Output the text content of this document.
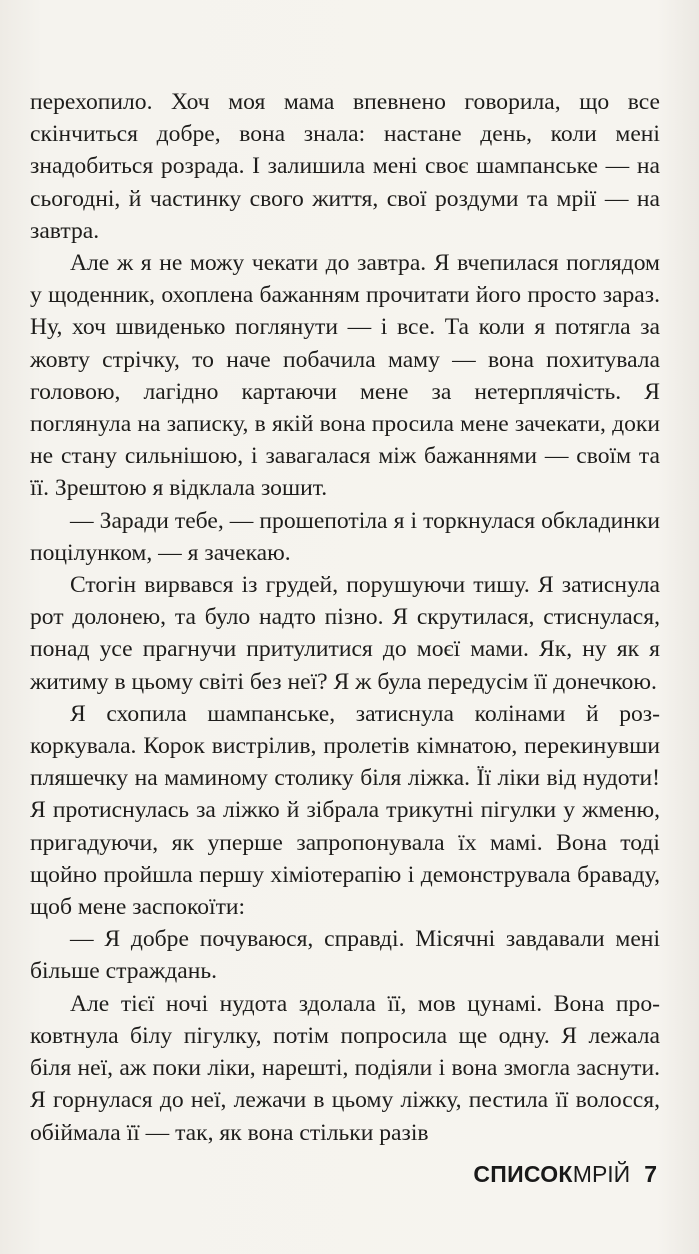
перехопило. Хоч моя мама впевнено говорила, що все скінчиться добре, вона знала: настане день, коли мені знадобиться розрада. І залишила мені своє шампанське — на сьогодні, й частинку свого життя, свої роздуми та мрії — на завтра.

Але ж я не можу чекати до завтра. Я вчепилася поглядом у щоденник, охоплена бажанням прочитати його просто зараз. Ну, хоч швиденько поглянути — і все. Та коли я потягла за жовту стрічку, то наче побачила маму — вона похитувала головою, лагідно картаючи мене за нетерплячість. Я поглянула на записку, в якій вона просила мене зачекати, доки не стану сильнішою, і завагалася між бажаннями — своїм та її. Зрештою я відклала зошит.

— Заради тебе, — прошепотіла я і торкнулася обкладинки поцілунком, — я зачекаю.

Стогін вирвався із грудей, порушуючи тишу. Я затиснула рот долонею, та було надто пізно. Я скрутилася, стиснулася, понад усе прагнучи притулитися до моєї мами. Як, ну як я житиму в цьому світі без неї? Я ж була передусім її донечкою.

Я схопила шампанське, затиснула колінами й розкоркувала. Корок вистрілив, пролетів кімнатою, перекинувши пляшечку на маминому столику біля ліжка. Її ліки від нудоти! Я протиснулась за ліжко й зібрала трикутні пігулки у жменю, пригадуючи, як уперше запропонувала їх мамі. Вона тоді щойно пройшла першу хіміотерапію і демонструвала браваду, щоб мене заспокоїти:

— Я добре почуваюся, справді. Місячні завдавали мені більше страждань.

Але тієї ночі нудота здолала її, мов цунамі. Вона проковтнула білу пігулку, потім попросила ще одну. Я лежала біля неї, аж поки ліки, нарешті, подіяли і вона змогла заснути. Я горнулася до неї, лежачи в цьому ліжку, пестила її волосся, обіймала її — так, як вона стільки разів

СПИСОКМРІЙ 7
